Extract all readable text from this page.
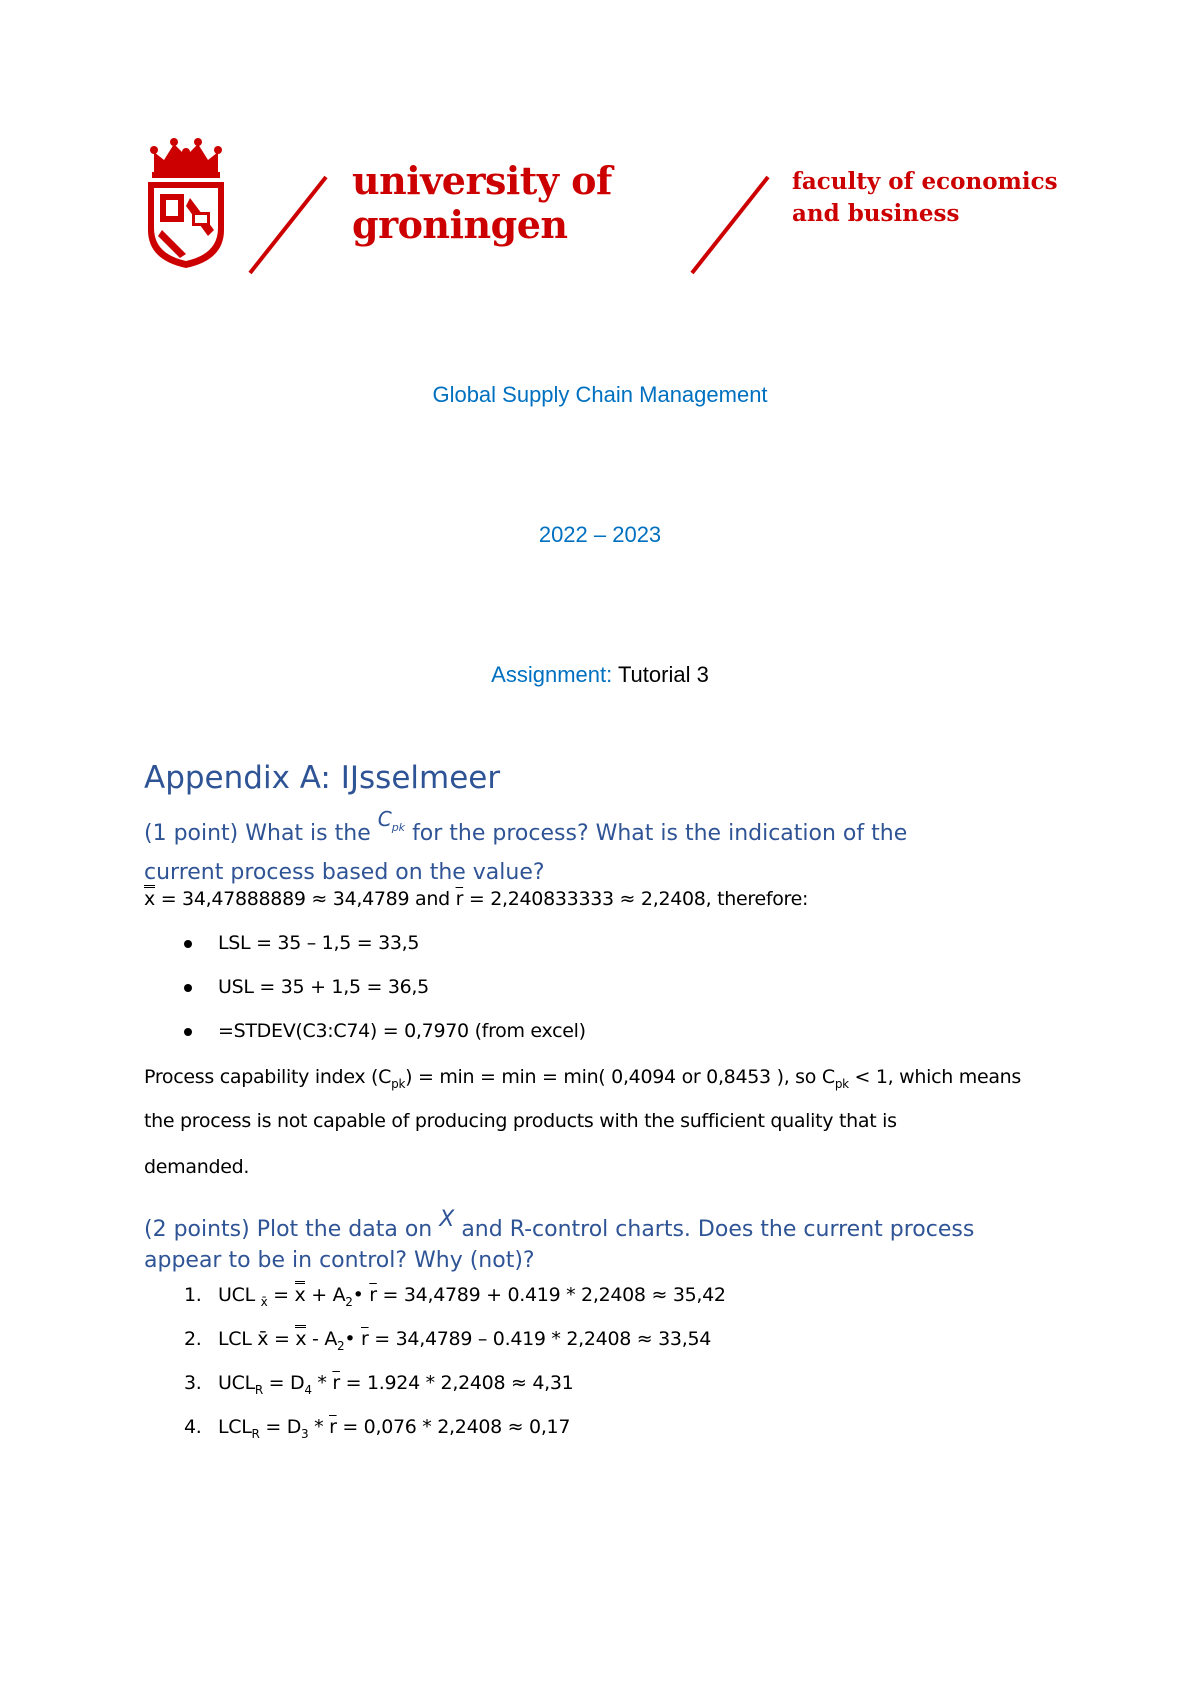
university of
groningen
faculty of economics
and business
Global Supply Chain Management
2022 – 2023
Assignment: Tutorial 3
Appendix A: IJsselmeer
(1 point) What is the $C_{pk}$ for the process? What is the indication of the
current process based on the value?
x = 34,47888889 ≈ 34,4789 and $\overline{r} = 2,240833333 \approx 2,2408$, therefore:
LSL = 35 – 1,5 = 33,5
USL = 35 + 1,5 = 36,5
=STDEV(C3:C74) = 0,7970 (from excel)
Process capability index $(C_{pk}) = \min = \min = \min$( 0,4094 or 0,8453 ), so $C_{pk} < 1$, which means
the process is not capable of producing products with the sufficient quality that is
demanded.
(2 points) Plot the data on X and R-control charts. Does the current process
appear to be in control? Why (not)?
1. UCL $_{x̄} = x + A_2•$ $\overline{r} = 34,4789 + 0.419 * 2,2408 \approx 35,42$
2. LCL x̄ = x - $A_2•$ $\overline{r} = 34,4789 - 0.419 * 2,2408 \approx 33,54$
3. $UCL_R = D_4 * \overline{r} = 1.924 * 2,2408 \approx 4,31$
4. $LCL_R = D_3 * \overline{r} = 0,076 * 2,2408 \approx 0,17$
